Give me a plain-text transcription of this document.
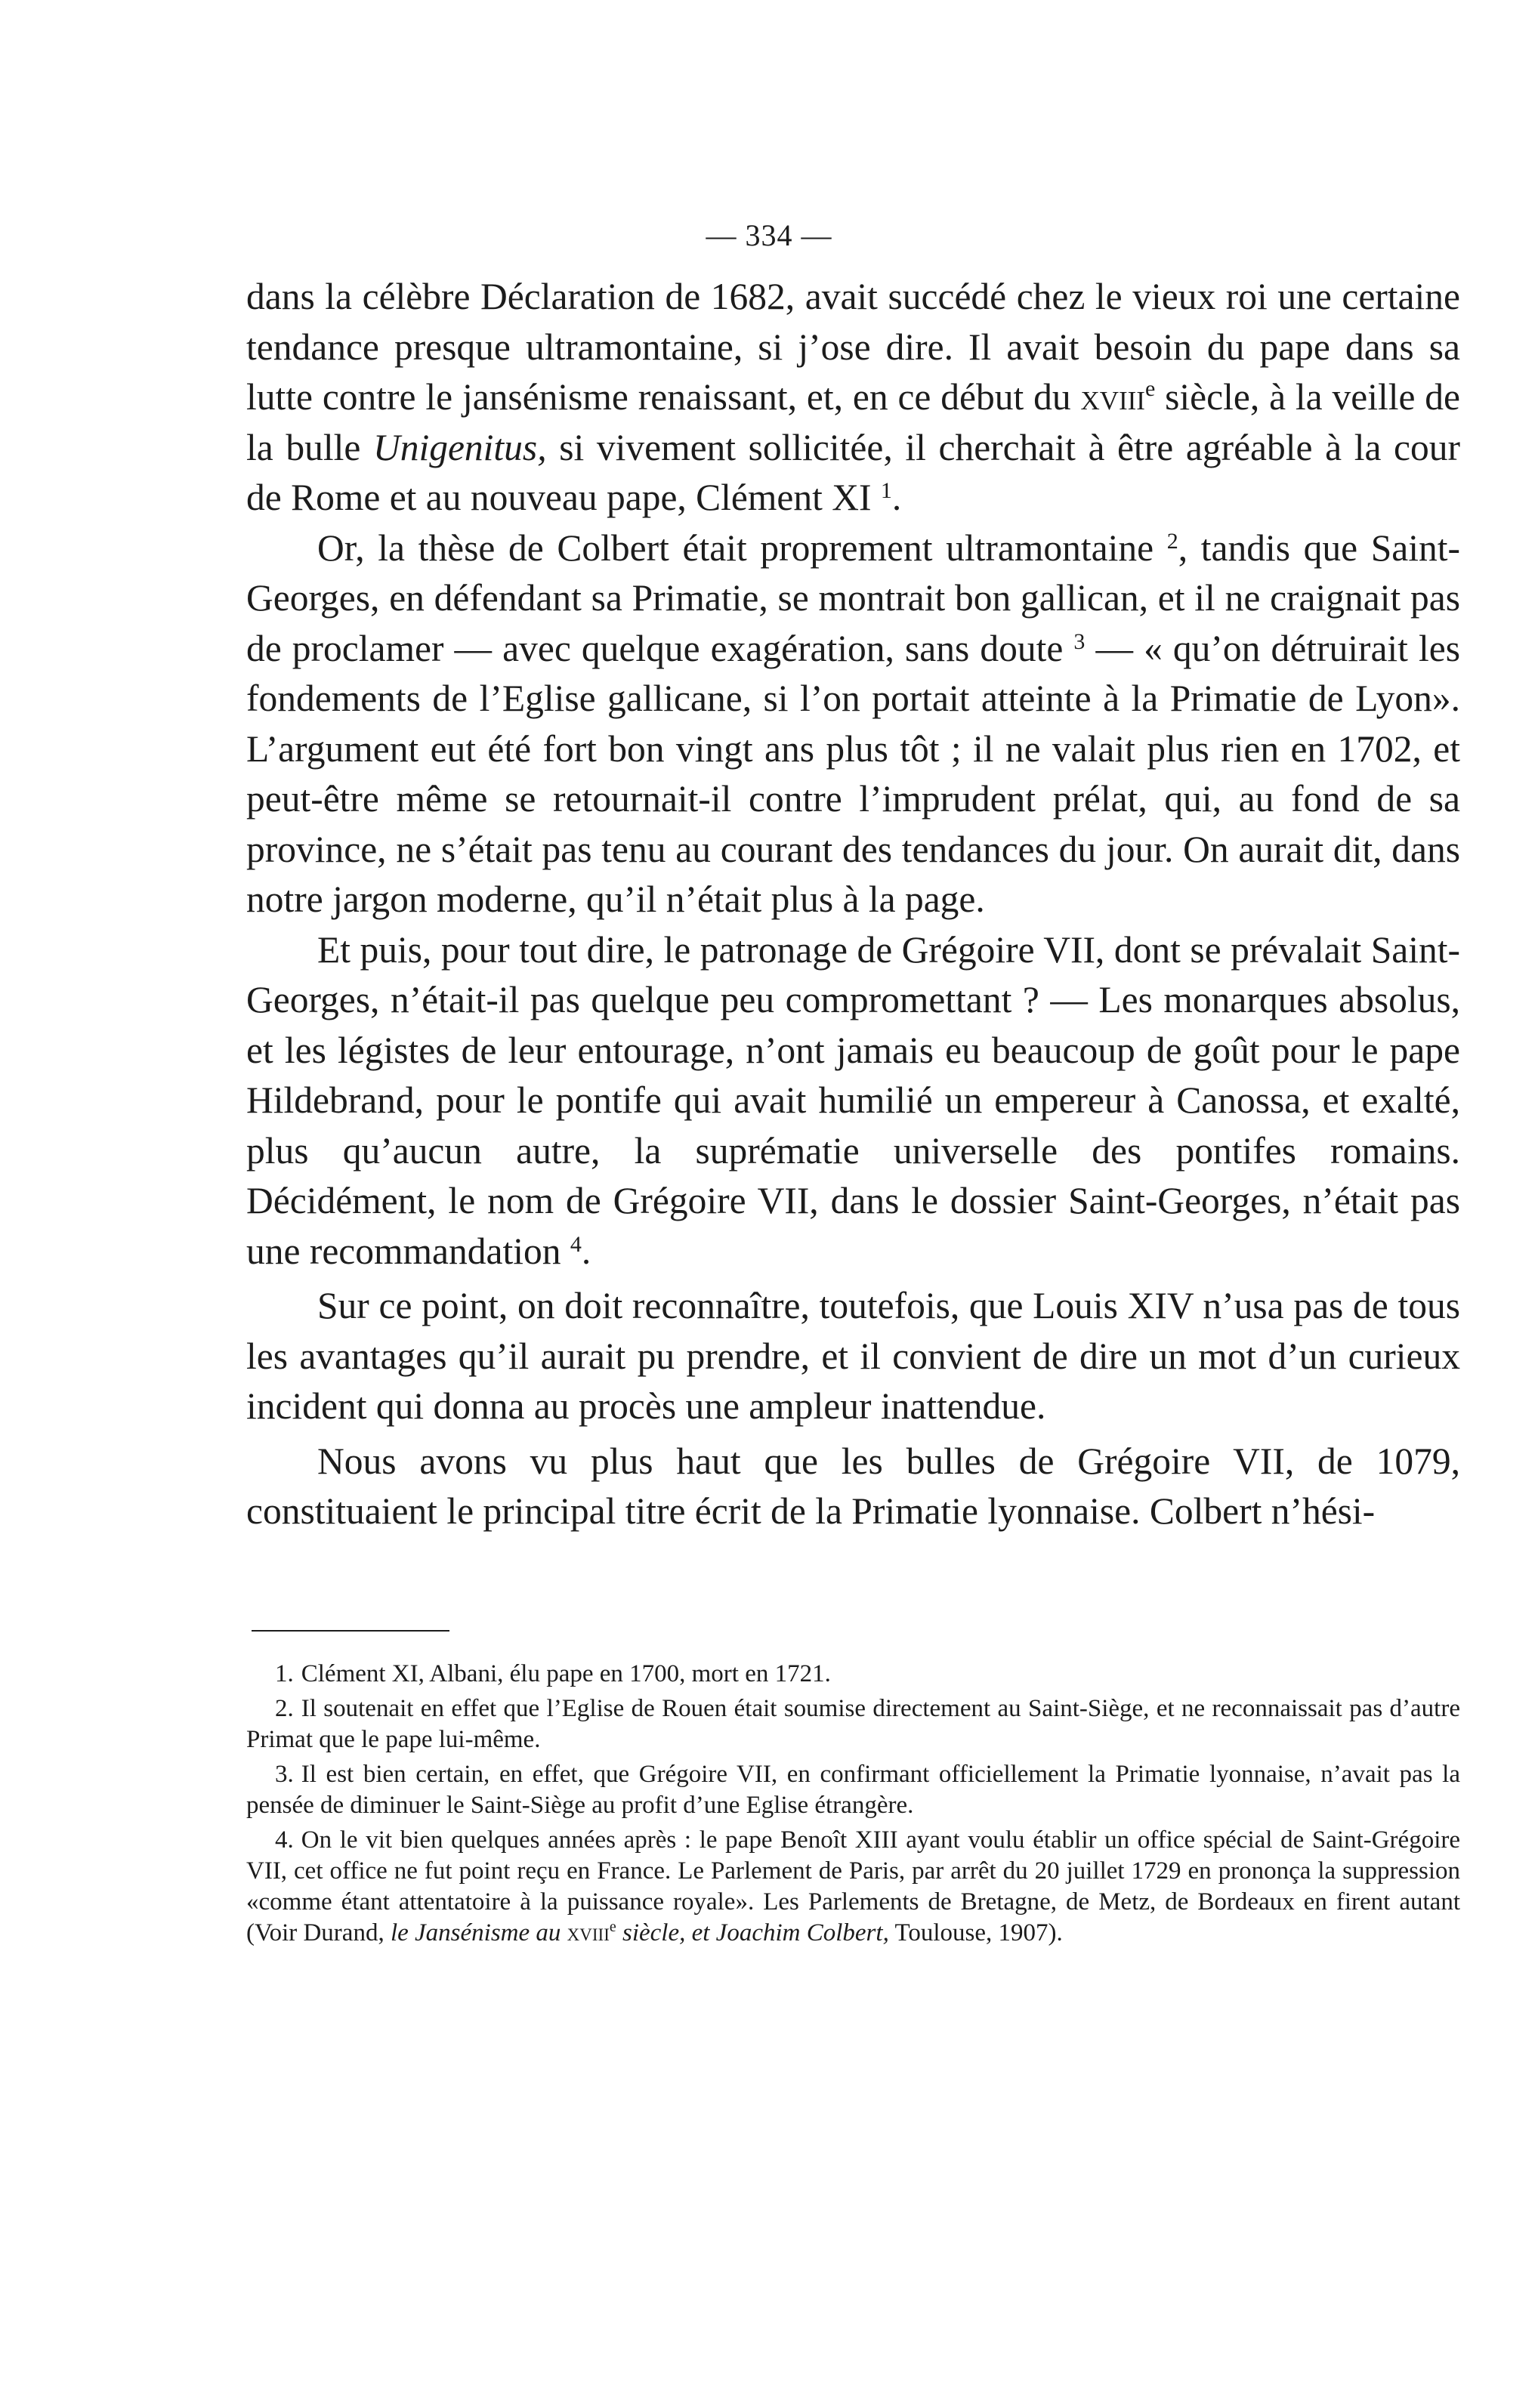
— 334 —

dans la célèbre Déclaration de 1682, avait succédé chez le vieux roi une certaine tendance presque ultramontaine, si j’ose dire. Il avait besoin du pape dans sa lutte contre le jansénisme renaissant, et, en ce début du xviii$^e$ siècle, à la veille de la bulle Unigenitus, si vivement sollicitée, il cherchait à être agréable à la cour de Rome et au nouveau pape, Clément XI $^1$.

Or, la thèse de Colbert était proprement ultramontaine $^2$, tandis que Saint-Georges, en défendant sa Primatie, se montrait bon gallican, et il ne craignait pas de proclamer — avec quelque exagération, sans doute $^3$ — « qu’on détruirait les fondements de l’Eglise gallicane, si l’on portait atteinte à la Primatie de Lyon». L’argument eut été fort bon vingt ans plus tôt ; il ne valait plus rien en 1702, et peut-être même se retournait-il contre l’imprudent prélat, qui, au fond de sa province, ne s’était pas tenu au courant des tendances du jour. On aurait dit, dans notre jargon moderne, qu’il n’était plus à la page.

Et puis, pour tout dire, le patronage de Grégoire VII, dont se prévalait Saint-Georges, n’était-il pas quelque peu compromettant ? — Les monarques absolus, et les légistes de leur entourage, n’ont jamais eu beaucoup de goût pour le pape Hildebrand, pour le pontife qui avait humilié un empereur à Canossa, et exalté, plus qu’aucun autre, la suprématie universelle des pontifes romains. Décidément, le nom de Grégoire VII, dans le dossier Saint-Georges, n’était pas une recommandation $^4$.

Sur ce point, on doit reconnaître, toutefois, que Louis XIV n’usa pas de tous les avantages qu’il aurait pu prendre, et il convient de dire un mot d’un curieux incident qui donna au procès une ampleur inattendue.

Nous avons vu plus haut que les bulles de Grégoire VII, de 1079, constituaient le principal titre écrit de la Primatie lyonnaise. Colbert n’hési-

1. Clément XI, Albani, élu pape en 1700, mort en 1721.

2. Il soutenait en effet que l’Eglise de Rouen était soumise directement au Saint-Siège, et ne reconnaissait pas d’autre Primat que le pape lui-même.

3. Il est bien certain, en effet, que Grégoire VII, en confirmant officiellement la Primatie lyonnaise, n’avait pas la pensée de diminuer le Saint-Siège au profit d’une Eglise étrangère.

4. On le vit bien quelques années après : le pape Benoît XIII ayant voulu établir un office spécial de Saint-Grégoire VII, cet office ne fut point reçu en France. Le Parlement de Paris, par arrêt du 20 juillet 1729 en prononça la suppression «comme étant attentatoire à la puissance royale». Les Parlements de Bretagne, de Metz, de Bordeaux en firent autant (Voir Durand, le Jansénisme au xviii$^e$ siècle, et Joachim Colbert, Toulouse, 1907).
